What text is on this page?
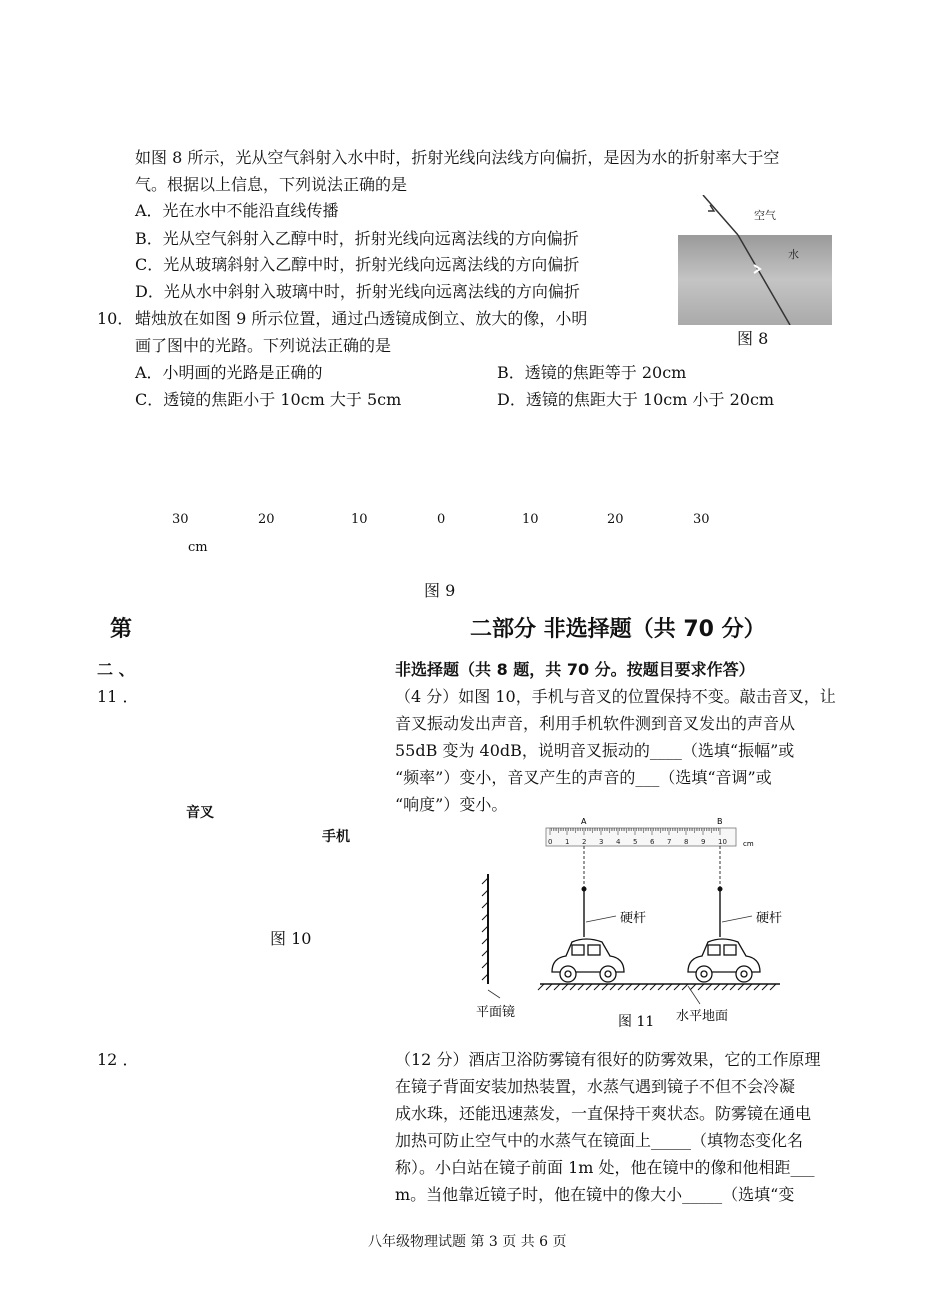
如图 8 所示，光从空气斜射入水中时，折射光线向法线方向偏折，是因为水的折射率大于空
气。根据以上信息，下列说法正确的是
A．光在水中不能沿直线传播
B．光从空气斜射入乙醇中时，折射光线向远离法线的方向偏折
C．光从玻璃斜射入乙醇中时，折射光线向远离法线的方向偏折
D．光从水中斜射入玻璃中时，折射光线向远离法线的方向偏折
空气
水
图 8
10． 蜡烛放在如图 9 所示位置，通过凸透镜成倒立、放大的像，小明
画了图中的光路。下列说法正确的是
A．小明画的光路是正确的	B．透镜的焦距等于 20cm
C．透镜的焦距小于 10cm 大于 5cm	D．透镜的焦距大于 10cm 小于 20cm
30	20	10	0	10	20	30
cm
图 9
第	二部分 非选择题（共 70 分）
二 、	非选择题（共 8 题，共 70 分。按题目要求作答）
11 ．	（4 分）如图 10，手机与音叉的位置保持不变。敲击音叉，让
音叉振动发出声音，利用手机软件测到音叉发出的声音从
55dB 变为 40dB，说明音叉振动的____（选填“振幅”或
“频率”）变小，音叉产生的声音的___（选填“音调”或
“响度”）变小。
音叉
手机
图 10
A	B
0 1 2 3 4 5 6 7 8 9 10 cm
硬杆	硬杆
平面镜
图 11 水平地面
12 ．	（12 分）酒店卫浴防雾镜有很好的防雾效果，它的工作原理
在镜子背面安装加热装置，水蒸气遇到镜子不但不会冷凝
成水珠，还能迅速蒸发，一直保持干爽状态。防雾镜在通电
加热可防止空气中的水蒸气在镜面上_____（填物态变化名
称）。小白站在镜子前面 1m 处，他在镜中的像和他相距___
m。当他靠近镜子时，他在镜中的像大小_____（选填“变
八年级物理试题 第 3 页 共 6 页
